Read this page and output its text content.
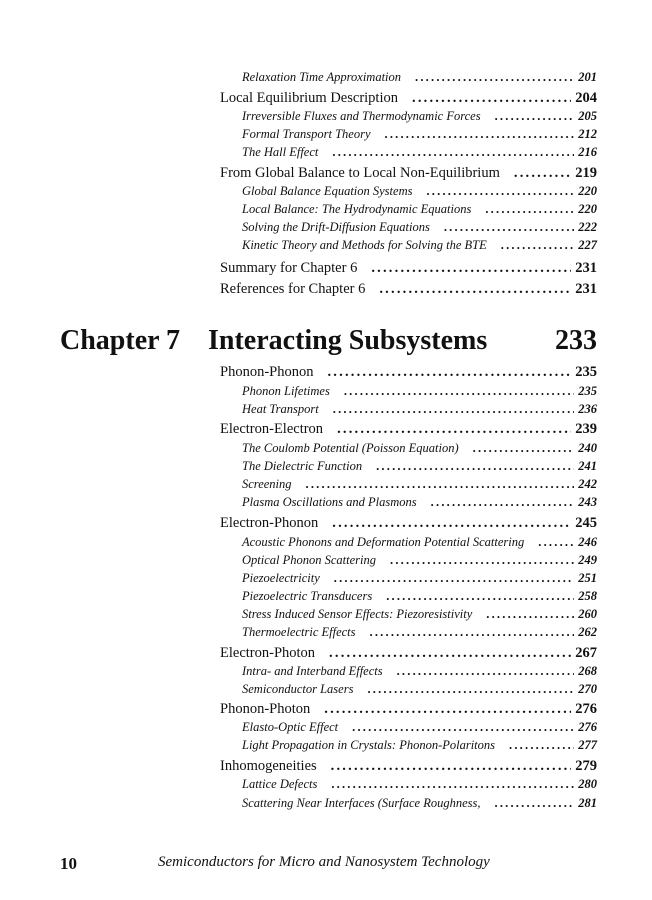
Relaxation Time Approximation .....	201
Local Equilibrium Description .....	204
Irreversible Fluxes and Thermodynamic Forces .....	205
Formal Transport Theory .....	212
The Hall Effect .....	216
From Global Balance to Local Non-Equilibrium .....	219
Global Balance Equation Systems .....	220
Local Balance: The Hydrodynamic Equations .....	220
Solving the Drift-Diffusion Equations .....	222
Kinetic Theory and Methods for Solving the BTE .....	227
Summary for Chapter 6 .....	231
References for Chapter 6 .....	231
Chapter 7 Interacting Subsystems 233
Phonon-Phonon .....	235
Phonon Lifetimes .....	235
Heat Transport .....	236
Electron-Electron .....	239
The Coulomb Potential (Poisson Equation) .....	240
The Dielectric Function .....	241
Screening .....	242
Plasma Oscillations and Plasmons .....	243
Electron-Phonon .....	245
Acoustic Phonons and Deformation Potential Scattering .....	246
Optical Phonon Scattering .....	249
Piezoelectricity .....	251
Piezoelectric Transducers .....	258
Stress Induced Sensor Effects: Piezoresistivity .....	260
Thermoelectric Effects .....	262
Electron-Photon .....	267
Intra- and Interband Effects .....	268
Semiconductor Lasers .....	270
Phonon-Photon .....	276
Elasto-Optic Effect .....	276
Light Propagation in Crystals: Phonon-Polaritons .....	277
Inhomogeneities .....	279
Lattice Defects .....	280
Scattering Near Interfaces (Surface Roughness, .....	281
10	Semiconductors for Micro and Nanosystem Technology
